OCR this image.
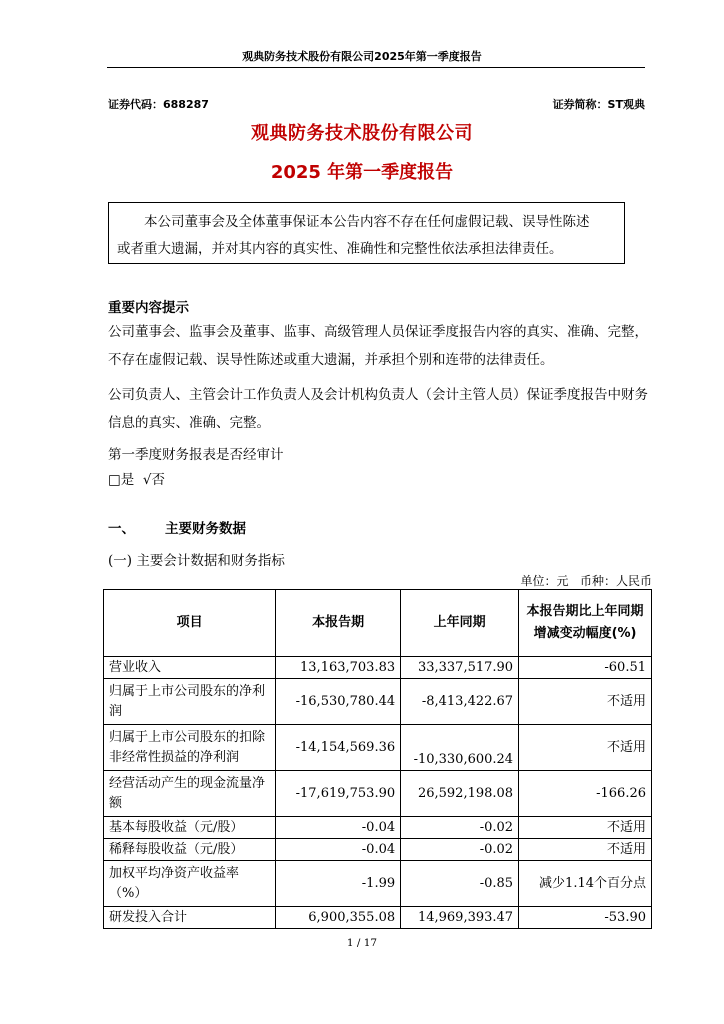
观典防务技术股份有限公司2025年第一季度报告
证券代码：688287	证券简称：ST观典
观典防务技术股份有限公司
2025 年第一季度报告
本公司董事会及全体董事保证本公告内容不存在任何虚假记载、误导性陈述
或者重大遗漏，并对其内容的真实性、准确性和完整性依法承担法律责任。
重要内容提示
公司董事会、监事会及董事、监事、高级管理人员保证季度报告内容的真实、准确、完整，不存在虚假记载、误导性陈述或重大遗漏，并承担个别和连带的法律责任。
公司负责人、主管会计工作负责人及会计机构负责人（会计主管人员）保证季度报告中财务信息的真实、准确、完整。
第一季度财务报表是否经审计
□是  √否
一、 主要财务数据
(一) 主要会计数据和财务指标
单位：元   币种：人民币
项目	本报告期	上年同期	本报告期比上年同期增减变动幅度(%)
营业收入	13,163,703.83	33,337,517.90	-60.51
归属于上市公司股东的净利润	-16,530,780.44	-8,413,422.67	不适用
归属于上市公司股东的扣除非经常性损益的净利润	-14,154,569.36	-10,330,600.24	不适用
经营活动产生的现金流量净额	-17,619,753.90	26,592,198.08	-166.26
基本每股收益（元/股）	-0.04	-0.02	不适用
稀释每股收益（元/股）	-0.04	-0.02	不适用
加权平均净资产收益率（%）	-1.99	-0.85	减少1.14个百分点
研发投入合计	6,900,355.08	14,969,393.47	-53.90
1 / 17
